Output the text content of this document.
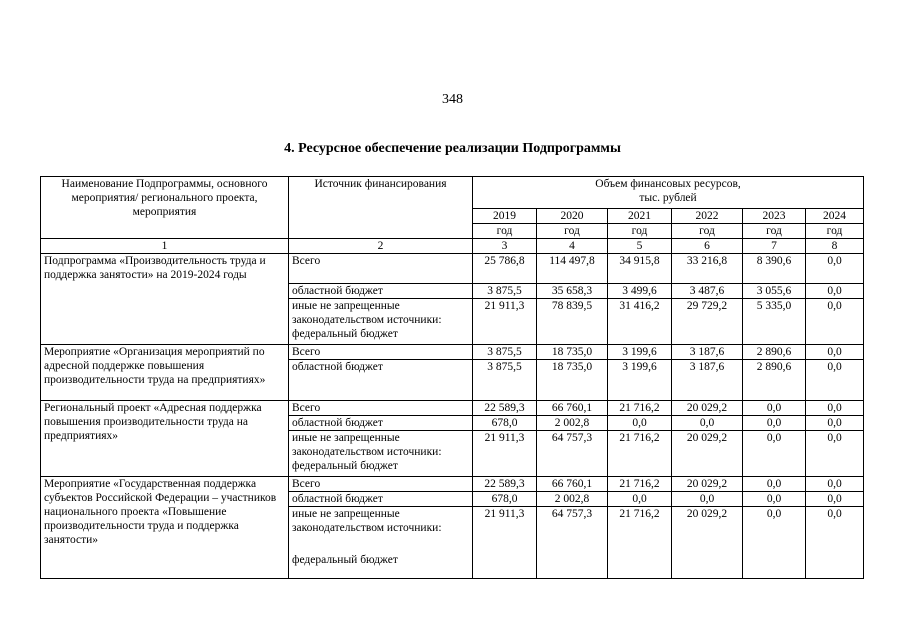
348
4. Ресурсное обеспечение реализации Подпрограммы
Наименование Подпрограммы, основного мероприятия/ регионального проекта, мероприятия	Источник финансирования	Объем финансовых ресурсов,
тыс. рублей					

		2019	2020	2021	2022	2023	2024
		год	год	год	год	год	год
1	2	3	4	5	6	7	8
Подпрограмма «Производительность труда и поддержка занятости» на 2019-2024 годы	Всего	25 786,8	114 497,8	34 915,8	33 216,8	8 390,6	0,0

	областной бюджет	3 875,5	35 658,3	3 499,6	3 487,6	3 055,6	0,0

	иные не запрещенные
законодательством источники:
федеральный бюджет	21 911,3	78 839,5	31 416,2	29 729,2	5 335,0	0,0
Мероприятие «Организация мероприятий по адресной поддержке повышения производительности труда на предприятиях»	Всего	3 875,5	18 735,0	3 199,6	3 187,6	2 890,6	0,0

	областной бюджет	3 875,5	18 735,0	3 199,6	3 187,6	2 890,6	0,0
Региональный проект «Адресная поддержка повышения производительности труда на предприятиях»	Всего	22 589,3	66 760,1	21 716,2	20 029,2	0,0	0,0

	областной бюджет	678,0	2 002,8	0,0	0,0	0,0	0,0

	иные не запрещенные
законодательством источники:
федеральный бюджет	21 911,3	64 757,3	21 716,2	20 029,2	0,0	0,0
Мероприятие «Государственная поддержка субъектов Российской Федерации – участников национального проекта «Повышение производительности труда и поддержка занятости»	Всего	22 589,3	66 760,1	21 716,2	20 029,2	0,0	0,0

	областной бюджет	678,0	2 002,8	0,0	0,0	0,0	0,0

	иные не запрещенные
законодательством источники:
федеральный бюджет	21 911,3	64 757,3	21 716,2	20 029,2	0,0	0,0
